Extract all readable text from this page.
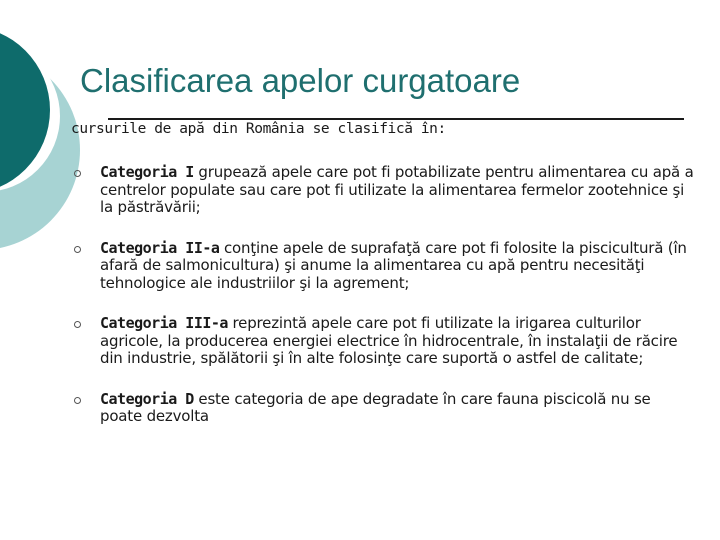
Clasificarea apelor curgatoare
cursurile de apă din România se clasifică în:
Categoria I grupează apele care pot fi potabilizate pentru alimentarea cu apă a centrelor populate sau care pot fi utilizate la alimentarea fermelor zootehnice şi la păstrăvării;
Categoria II-a conţine apele de suprafaţă care pot fi folosite la piscicultură (în afară de salmonicultura) şi anume la alimentarea cu apă pentru necesităţi tehnologice ale industriilor şi la agrement;
Categoria III-a reprezintă apele care pot fi utilizate la irigarea culturilor agricole, la producerea energiei electrice în hidrocentrale, în instalaţii de răcire din industrie, spălătorii şi în alte folosinţe care suportă o astfel de calitate;
Categoria D este categoria de ape degradate în care fauna piscicolă nu se poate dezvolta
